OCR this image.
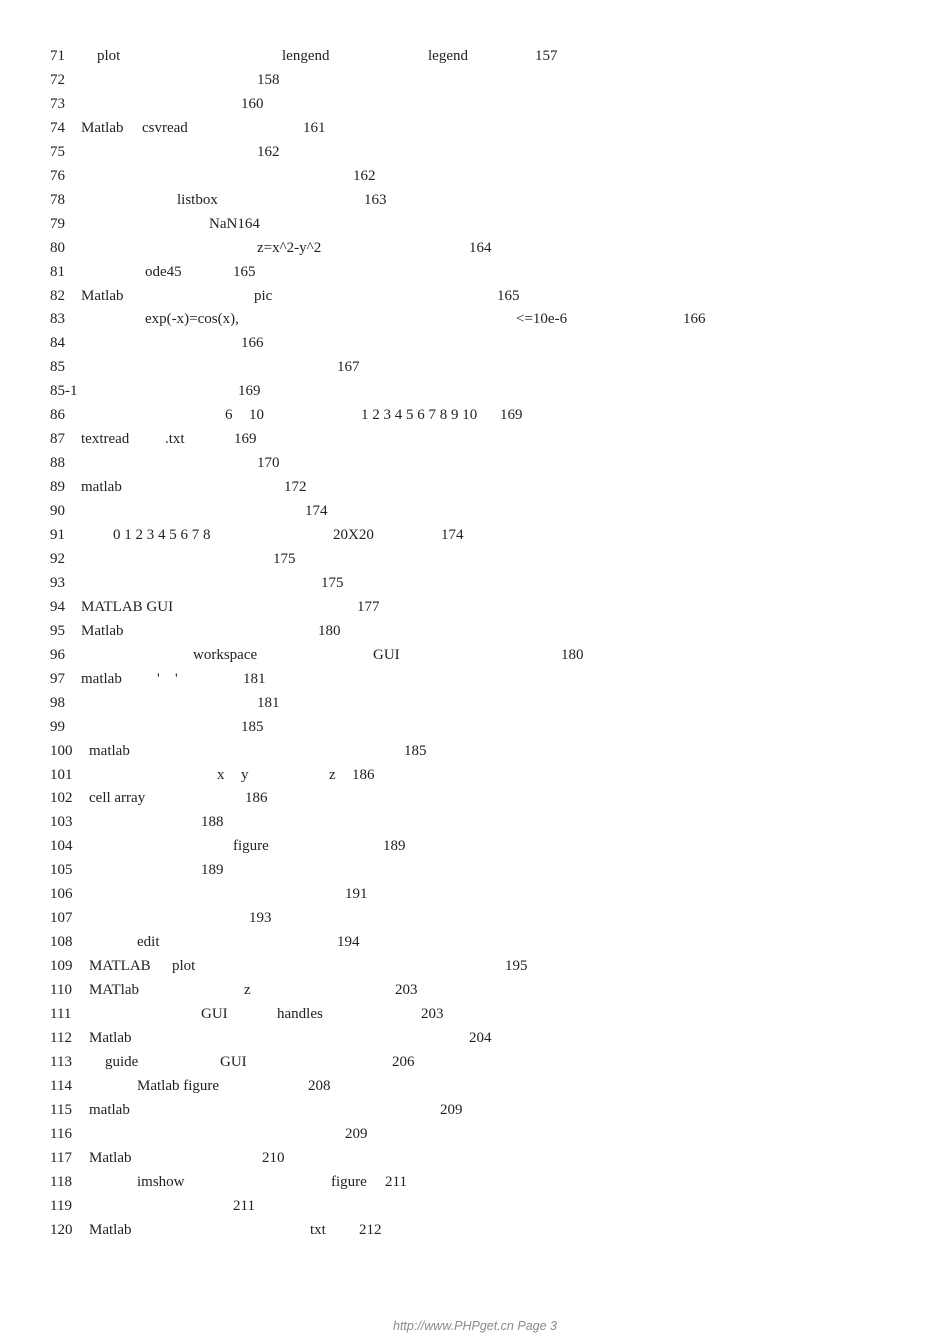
71 plot	lengend	legend	157
72	158
73	160
74 Matlab csvread	161
75	162
76	162
78	listbox	163
79	NaN164
80	z=x^2-y^2	164
81	ode45	165
82 Matlab	pic	165
83	exp(-x)=cos(x),	<=10e-6	166
84	166
85	167
85-1	169
86	6 10	1 2 3 4 5 6 7 8 9 10 169
87 textread .txt	169
88	170
89 matlab	172
90	174
91	0 1 2 3 4 5 6 7 8	20X20	174
92	175
93	175
94 MATLAB GUI	177
95 Matlab	180
96	workspace	GUI	180
97 matlab ' '	181
98	181
99	185
100 matlab	185
101	x y	z 186
102 cell array	186
103	188
104	figure	189
105	189
106	191
107	193
108	edit	194
109 MATLAB plot	195
110 MATlab	z	203
111	GUI	handles	203
112 Matlab	204
113 guide	GUI	206
114	Matlab figure	208
115 matlab	209
116	209
117 Matlab	210
118	imshow	figure 211
119	211
120 Matlab	txt 212
http://www.PHPget.cn Page 3
